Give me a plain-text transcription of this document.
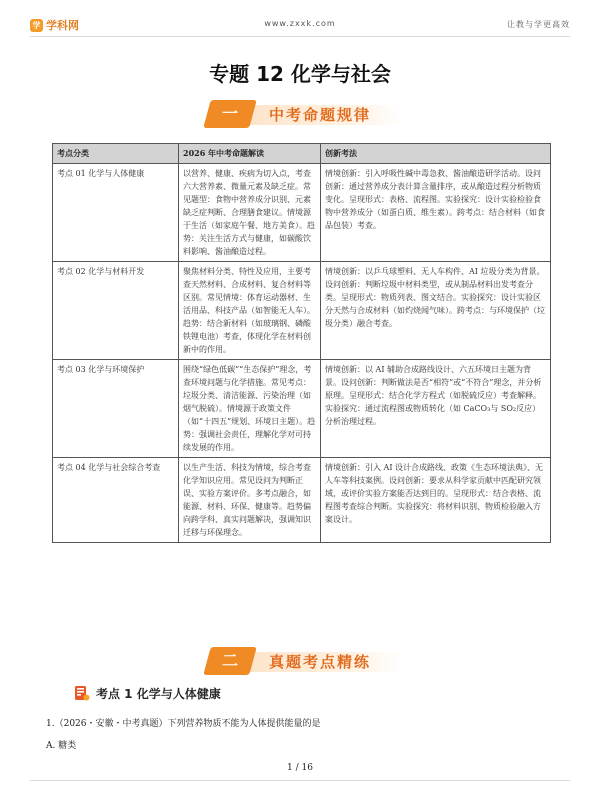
学 学科网	www.zxxk.com	让教与学更高效
专题 12 化学与社会
一	中考命题规律
考点分类	2026 年中考命题解读	创新考法
考点 01 化学与人体健康	以营养、健康、疾病为切入点，考查六大营养素、微量元素及缺乏症。常见题型：食物中营养成分识别、元素缺乏症判断、合理膳食建议。情境源于生活（如家庭午餐、地方美食）。趋势：关注生活方式与健康，如碳酸饮料影响、酱油酿造过程。	情境创新：引入呼吸性碱中毒急救、酱油酿造研学活动。设问创新：通过营养成分表计算含量排序，或从酿造过程分析物质变化。呈现形式：表格、流程图。实验探究：设计实验检验食物中营养成分（如蛋白质、维生素）。跨考点：结合材料（如食品包装）考查。
考点 02 化学与材料开发	聚焦材料分类、特性及应用，主要考查天然材料、合成材料、复合材料等区别。常见情境：体育运动器材、生活用品、科技产品（如智能无人车）。趋势：结合新材料（如玻璃钢、磷酸铁锂电池）考查，体现化学在材料创新中的作用。	情境创新：以乒乓球塑料、无人车构件、AI 垃圾分类为背景。设问创新：判断垃圾中材料类型，或从制品材料出发考查分类。呈现形式：物质列表、图文结合。实验探究：设计实验区分天然与合成材料（如灼烧闻气味）。跨考点：与环境保护（垃圾分类）融合考查。
考点 03 化学与环境保护	围绕“绿色低碳”“生态保护”理念，考查环境问题与化学措施。常见考点：垃圾分类、清洁能源、污染治理（如烟气脱硫）。情境源于政策文件（如“十四五”规划、环境日主题）。趋势：强调社会责任，理解化学对可持续发展的作用。	情境创新：以 AI 辅助合成路线设计、六五环境日主题为背景。设问创新：判断做法是否“相符”或“不符合”理念，并分析原理。呈现形式：结合化学方程式（如脱硫反应）考查解释。实验探究：通过流程图或物质转化（如 CaCO₃与 SO₂反应）分析治理过程。
考点 04 化学与社会综合考查	以生产生活、科技为情境，综合考查化学知识应用。常见设问为判断正误、实验方案评价。多考点融合，如能源、材料、环保、健康等。趋势偏向跨学科、真实问题解决，强调知识迁移与环保理念。	情境创新：引入 AI 设计合成路线、政策《生态环境法典》、无人车等科技案例。设问创新：要求从科学家贡献中匹配研究领域，或评价实验方案能否达到目的。呈现形式：结合表格、流程图考查综合判断。实验探究：将材料识别、物质检验融入方案设计。
二	真题考点精练
考点 1 化学与人体健康
1.（2026・安徽・中考真题）下列营养物质不能为人体提供能量的是
A. 糖类
1 / 16
